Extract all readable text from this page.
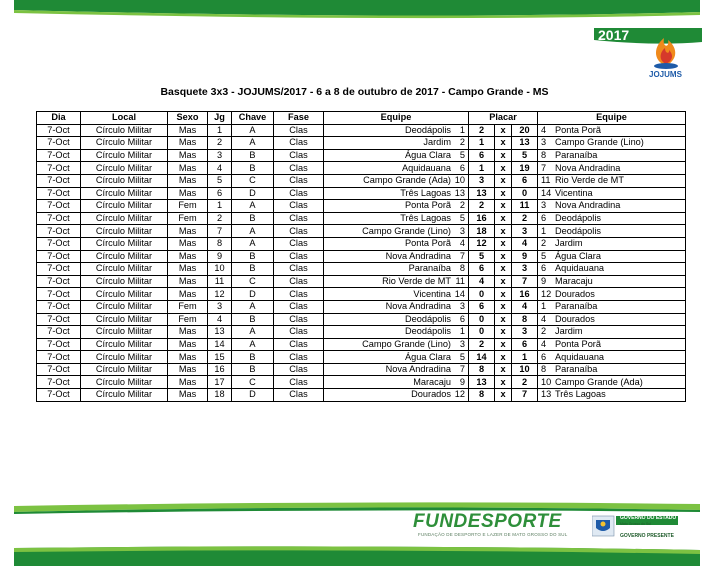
2017
JOJUMS
Basquete 3x3 - JOJUMS/2017 - 6 a 8 de outubro de 2017 - Campo Grande - MS
Dia	Local	Sexo	Jg	Chave	Fase	Equipe	Placar			Equipe
7-Oct	Círculo Militar	Mas	1	A	Clas	Deodápolis 1	2	x	20	4 Ponta Porã
7-Oct	Círculo Militar	Mas	2	A	Clas	Jardim 2	1	x	13	3 Campo Grande (Lino)
7-Oct	Círculo Militar	Mas	3	B	Clas	Água Clara 5	6	x	5	8 Paranaíba
7-Oct	Círculo Militar	Mas	4	B	Clas	Aquidauana 6	1	x	19	7 Nova Andradina
7-Oct	Círculo Militar	Mas	5	C	Clas	Campo Grande (Ada) 10	3	x	6	11 Rio Verde de MT
7-Oct	Círculo Militar	Mas	6	D	Clas	Três Lagoas 13	13	x	0	14 Vicentina
7-Oct	Círculo Militar	Fem	1	A	Clas	Ponta Porã 2	2	x	11	3 Nova Andradina
7-Oct	Círculo Militar	Fem	2	B	Clas	Três Lagoas 5	16	x	2	6 Deodápolis
7-Oct	Círculo Militar	Mas	7	A	Clas	Campo Grande (Lino) 3	18	x	3	1 Deodápolis
7-Oct	Círculo Militar	Mas	8	A	Clas	Ponta Porã 4	12	x	4	2 Jardim
7-Oct	Círculo Militar	Mas	9	B	Clas	Nova Andradina 7	5	x	9	5 Água Clara
7-Oct	Círculo Militar	Mas	10	B	Clas	Paranaíba 8	6	x	3	6 Aquidauana
7-Oct	Círculo Militar	Mas	11	C	Clas	Rio Verde de MT 11	4	x	7	9 Maracaju
7-Oct	Círculo Militar	Mas	12	D	Clas	Vicentina 14	0	x	16	12 Dourados
7-Oct	Círculo Militar	Fem	3	A	Clas	Nova Andradina 3	6	x	4	1 Paranaíba
7-Oct	Círculo Militar	Fem	4	B	Clas	Deodápolis 6	0	x	8	4 Dourados
7-Oct	Círculo Militar	Mas	13	A	Clas	Deodápolis 1	0	x	3	2 Jardim
7-Oct	Círculo Militar	Mas	14	A	Clas	Campo Grande (Lino) 3	2	x	6	4 Ponta Porã
7-Oct	Círculo Militar	Mas	15	B	Clas	Água Clara 5	14	x	1	6 Aquidauana
7-Oct	Círculo Militar	Mas	16	B	Clas	Nova Andradina 7	8	x	10	8 Paranaíba
7-Oct	Círculo Militar	Mas	17	C	Clas	Maracaju 9	13	x	2	10 Campo Grande (Ada)
7-Oct	Círculo Militar	Mas	18	D	Clas	Dourados 12	8	x	7	13 Três Lagoas
FUNDESPORTE
FUNDAÇÃO DE DESPORTO E LAZER DE MATO GROSSO DO SUL
GOVERNO DO ESTADO
Mato Grosso do Sul
GOVERNO PRESENTE
